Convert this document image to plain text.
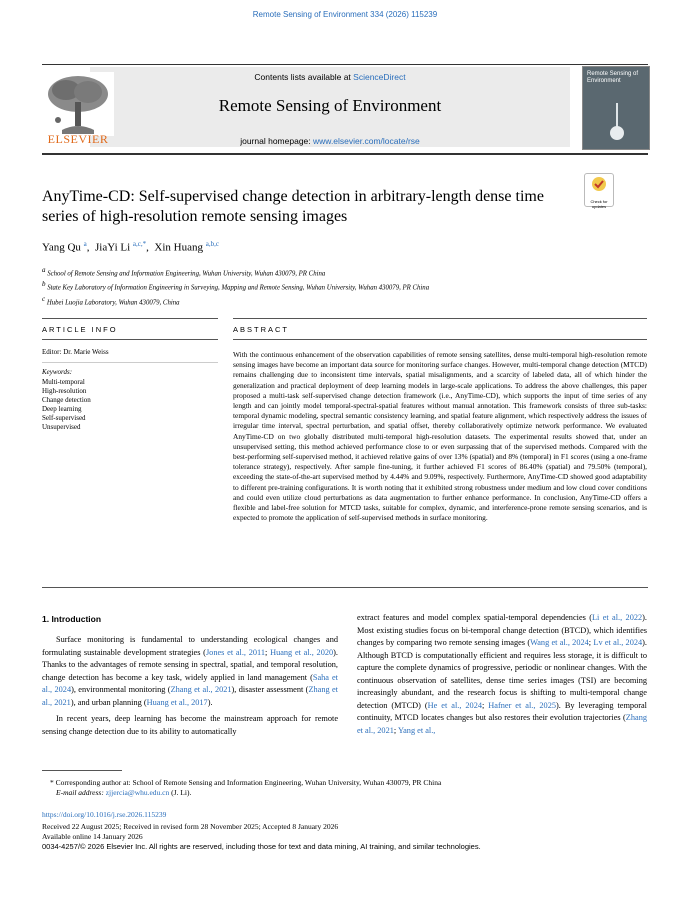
Remote Sensing of Environment 334 (2026) 115239
Contents lists available at ScienceDirect
Remote Sensing of Environment
journal homepage: www.elsevier.com/locate/rse
ELSEVIER
Remote Sensing of Environment
AnyTime-CD: Self-supervised change detection in arbitrary-length dense time series of high-resolution remote sensing images
Check for updates
Yang Qu $^a$,  JiaYi Li $^{a,c,*}$,  Xin Huang $^{a,b,c}$
$^a$ School of Remote Sensing and Information Engineering, Wuhan University, Wuhan 430079, PR China
$^b$ State Key Laboratory of Information Engineering in Surveying, Mapping and Remote Sensing, Wuhan University, Wuhan 430079, PR China
$^c$ Hubei Luojia Laboratory, Wuhan 430079, China
ARTICLE INFO	ABSTRACT
Editor: Dr. Marie Weiss
Keywords:
Multi-temporal
High-resolution
Change detection
Deep learning
Self-supervised
Unsupervised
With the continuous enhancement of the observation capabilities of remote sensing satellites, dense multi-temporal high-resolution remote sensing images have become an important data source for monitoring surface changes. However, multi-temporal change detection (MTCD) remains challenging due to inconsistent time intervals, spatial misalignments, and a scarcity of labeled data, all of which hinder the generalization and practical deployment of deep learning models in large-scale applications. To address the above challenges, this paper proposed a multi-task self-supervised change detection framework (i.e., AnyTime-CD), which supports the input of time series of any length and can jointly model temporal-spectral-spatial features without manual annotation. This framework consists of three sub-tasks: temporal dynamic modeling, spectral semantic consistency learning, and spatial feature alignment, which respectively address the issues of irregular time interval, spectral perturbation, and spatial offset, thereby collaboratively optimize network performance. We evaluated AnyTime-CD on two globally distributed multi-temporal high-resolution datasets. The experimental results showed that, under an unsupervised setting, this method achieved performance close to or even surpassing that of the supervised methods. Compared with the best-performing self-supervised method, it achieved relative gains of over 13% (spatial) and 8% (temporal) in F1 scores (using a one-frame tolerance strategy), respectively. After sample fine-tuning, it further achieved F1 scores of 86.40% (spatial) and 79.50% (temporal), exceeding the state-of-the-art supervised method by 4.44% and 9.09%, respectively. Furthermore, AnyTime-CD showed good adaptability to different pre-training configurations. It is worth noting that it exhibited strong robustness under medium and low cloud cover conditions and could even utilize cloud perturbations as data augmentation to further enhance performance. In conclusion, AnyTime-CD offers a flexible and label-free solution for MTCD tasks, suitable for complex, dynamic, and interference-prone remote sensing scenarios, and is expected to promote the application of self-supervised methods in surface monitoring.
1. Introduction

Surface monitoring is fundamental to understanding ecological changes and formulating sustainable development strategies (Jones et al., 2011; Huang et al., 2020). Thanks to the advantages of remote sensing in spectral, spatial, and temporal resolution, change detection has become a key task, widely applied in land management (Saha et al., 2024), environmental monitoring (Zhang et al., 2021), disaster assessment (Zhang et al., 2021), and urban planning (Huang et al., 2017).

In recent years, deep learning has become the mainstream approach for remote sensing change detection due to its ability to automatically

extract features and model complex spatial-temporal dependencies (Li et al., 2022). Most existing studies focus on bi-temporal change detection (BTCD), which identifies changes by comparing two remote sensing images (Wang et al., 2024; Lv et al., 2024). Although BTCD is computationally efficient and requires less storage, it is difficult to capture the complete dynamics of progressive, periodic or nonlinear changes. With the continuous observation of satellites, dense time series images (TSI) are becoming increasingly abundant, and the research focus is shifting to multi-temporal change detection (MTCD) (He et al., 2024; Hafner et al., 2025). By leveraging temporal continuity, MTCD locates changes but also restores their evolution trajectories (Zhang et al., 2021; Yang et al.,

* Corresponding author at: School of Remote Sensing and Information Engineering, Wuhan University, Wuhan 430079, PR China
E-mail address: zjjercia@whu.edu.cn (J. Li).
https://doi.org/10.1016/j.rse.2026.115239
Received 22 August 2025; Received in revised form 28 November 2025; Accepted 8 January 2026
Available online 14 January 2026
0034-4257/© 2026 Elsevier Inc. All rights are reserved, including those for text and data mining, AI training, and similar technologies.
